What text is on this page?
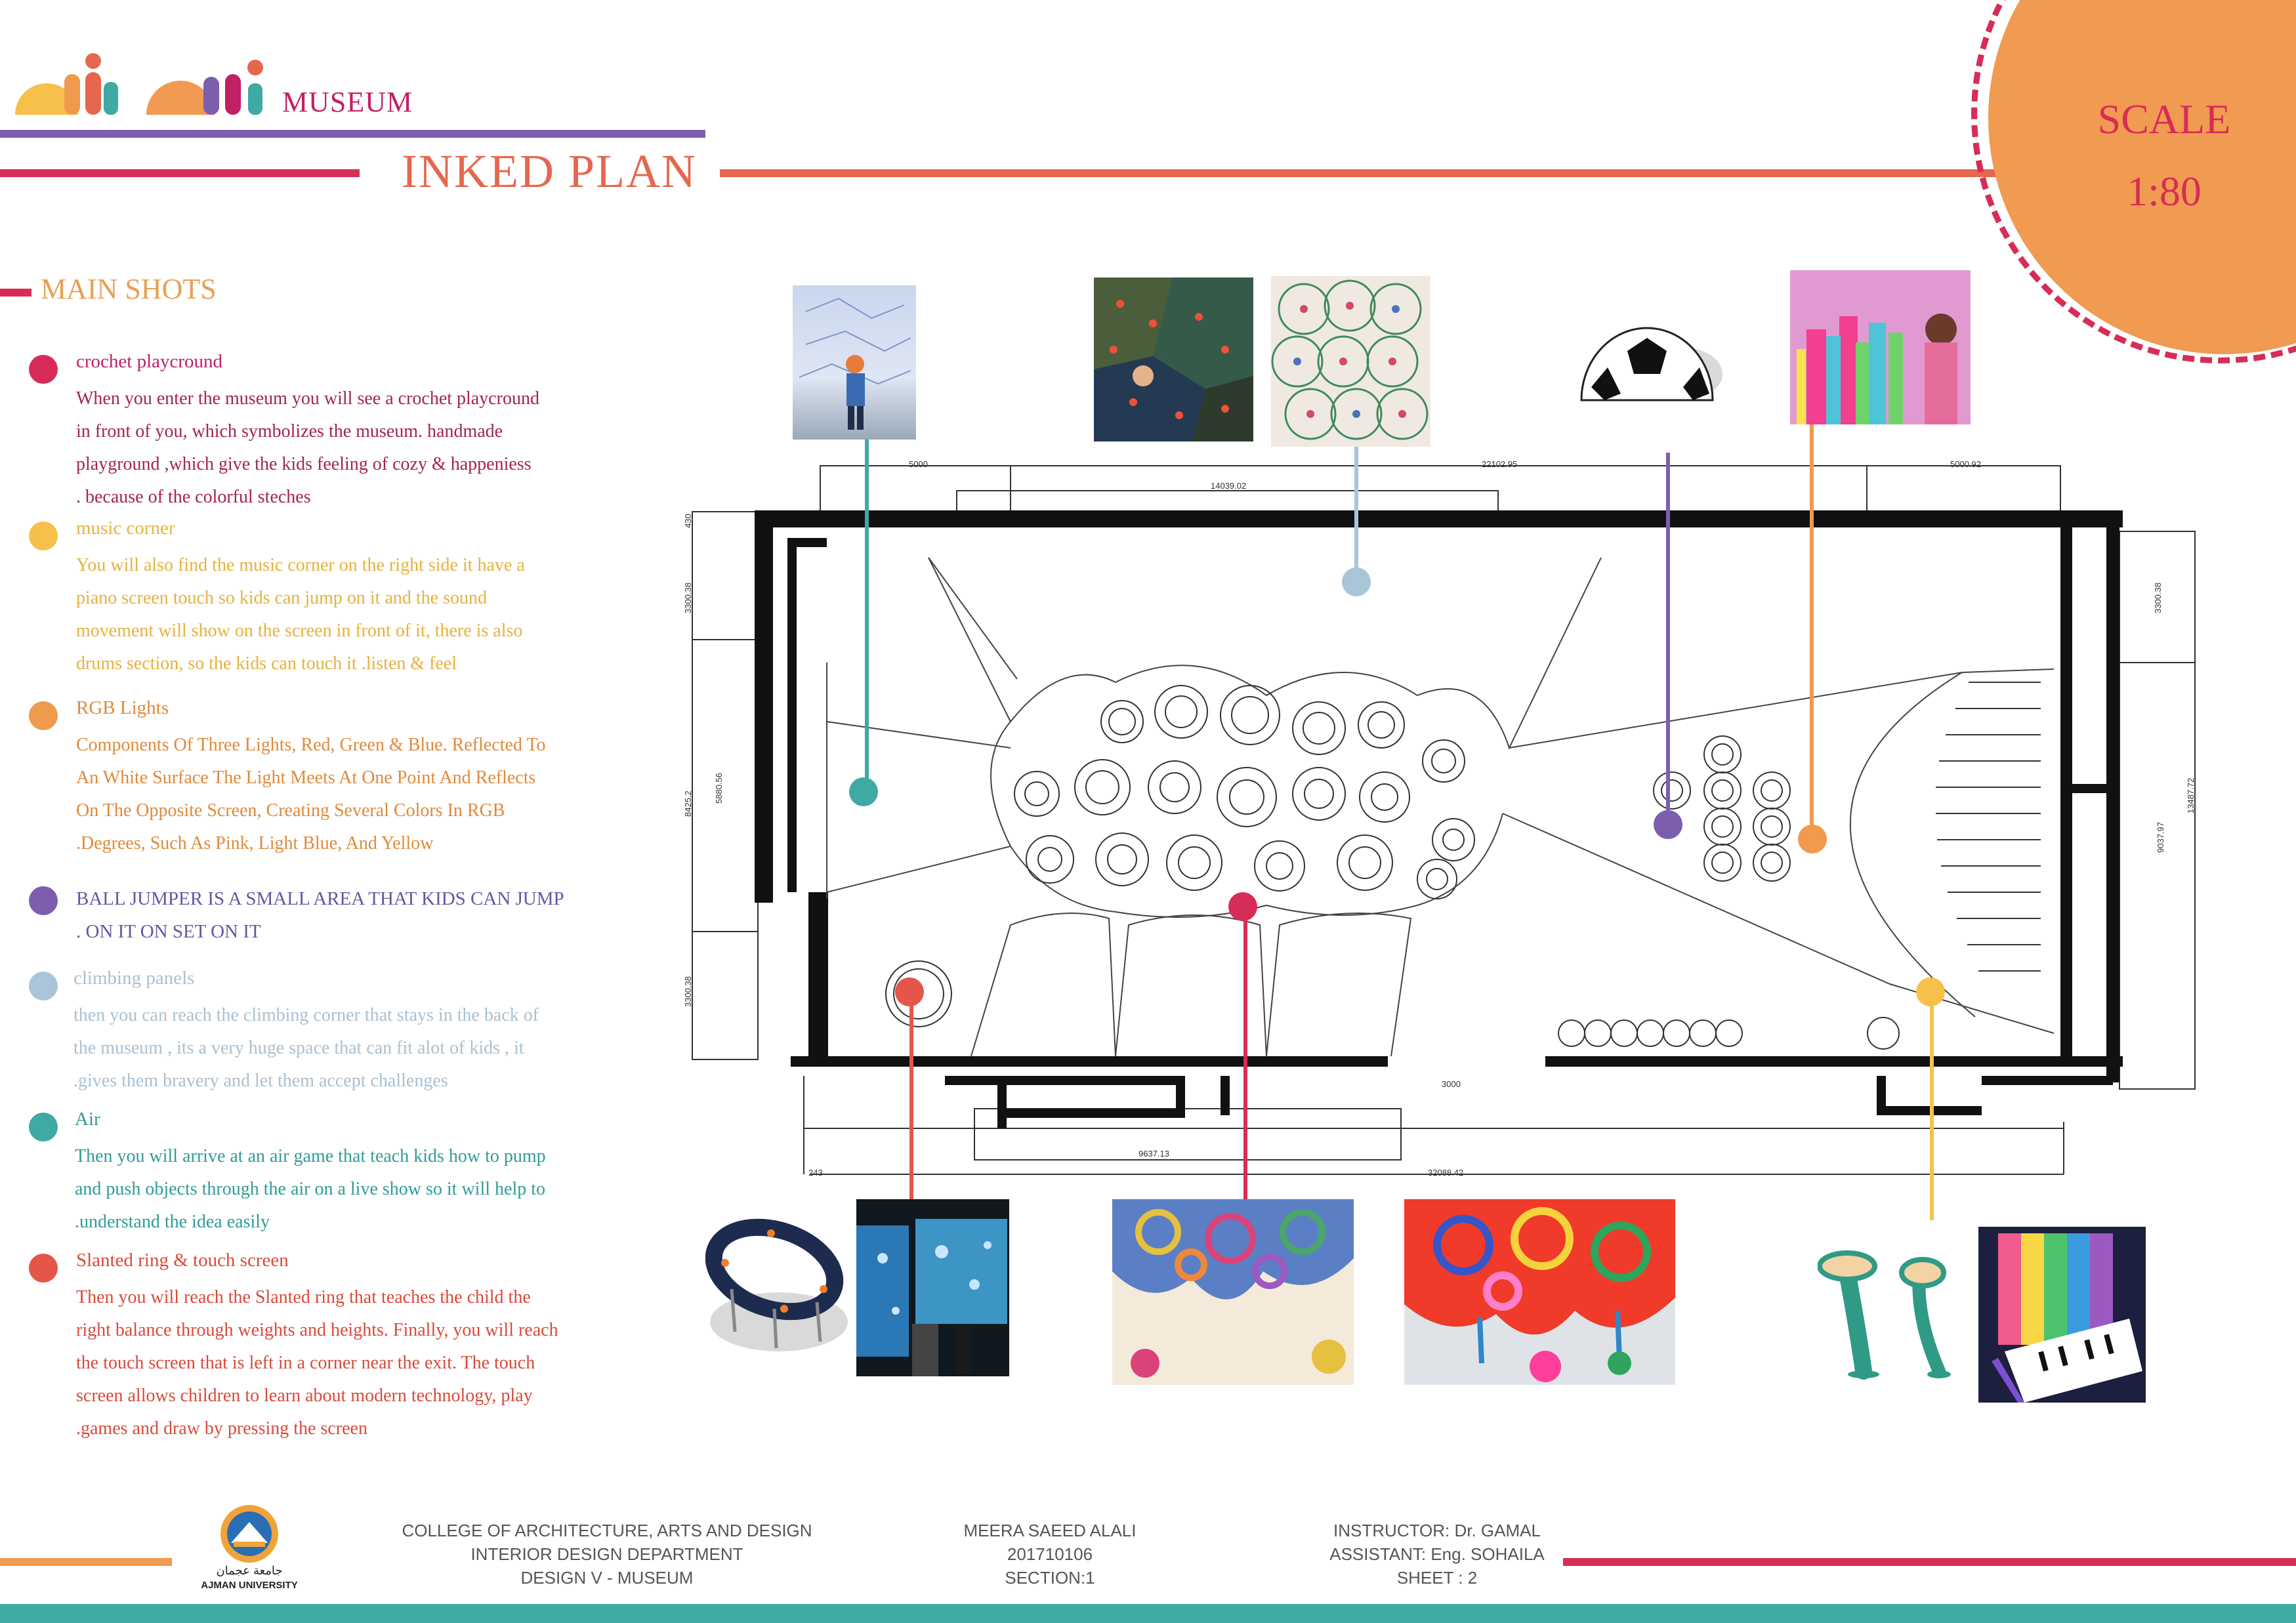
MUSEUM
INKED PLAN
SCALE
1:80
MAIN SHOTS
crochet playcround
When you enter the museum you will see a crochet playcround
in front of you, which symbolizes the museum. handmade
playground ,which give the kids feeling of cozy & happeniess
. because of the colorful steches
music corner
You will also find the music corner on the right side it have a
piano screen touch so kids can jump on it and the sound
movement will show on the screen in front of it, there is also
drums section, so the kids can touch it .listen & feel
RGB Lights
Components Of Three Lights, Red, Green & Blue. Reflected To
An White Surface The Light Meets At One Point And Reflects
On The Opposite Screen, Creating Several Colors In RGB
.Degrees, Such As Pink, Light Blue, And Yellow
BALL JUMPER IS A SMALL AREA THAT KIDS CAN JUMP
. ON IT ON SET ON IT
climbing panels
then you can reach the climbing corner that stays in the back of
the museum , its a very huge space that can fit alot of kids , it
.gives them bravery and let them accept challenges
Air
Then you will arrive at an air game that teach kids how to pump
and push objects through the air on a live show so it will help to
.understand the idea easily
Slanted ring & touch screen
Then you will reach the Slanted ring that teaches the child the
right balance through weights and heights. Finally, you will reach
the touch screen that is left in a corner near the exit. The touch
screen allows children to learn about modern technology, play
.games and draw by pressing the screen
5000	22102.95	5000.92
14039.02
3000
9637.13
32088.42
243
430
3300.38
8425.2
5880.56
3300.38
3300.38
13487.72
9037.97
جامعة عجمان
AJMAN UNIVERSITY
COLLEGE OF ARCHITECTURE, ARTS AND DESIGN
INTERIOR DESIGN DEPARTMENT
DESIGN V - MUSEUM
MEERA SAEED ALALI
201710106
SECTION:1
INSTRUCTOR: Dr. GAMAL
ASSISTANT: Eng. SOHAILA
SHEET : 2
